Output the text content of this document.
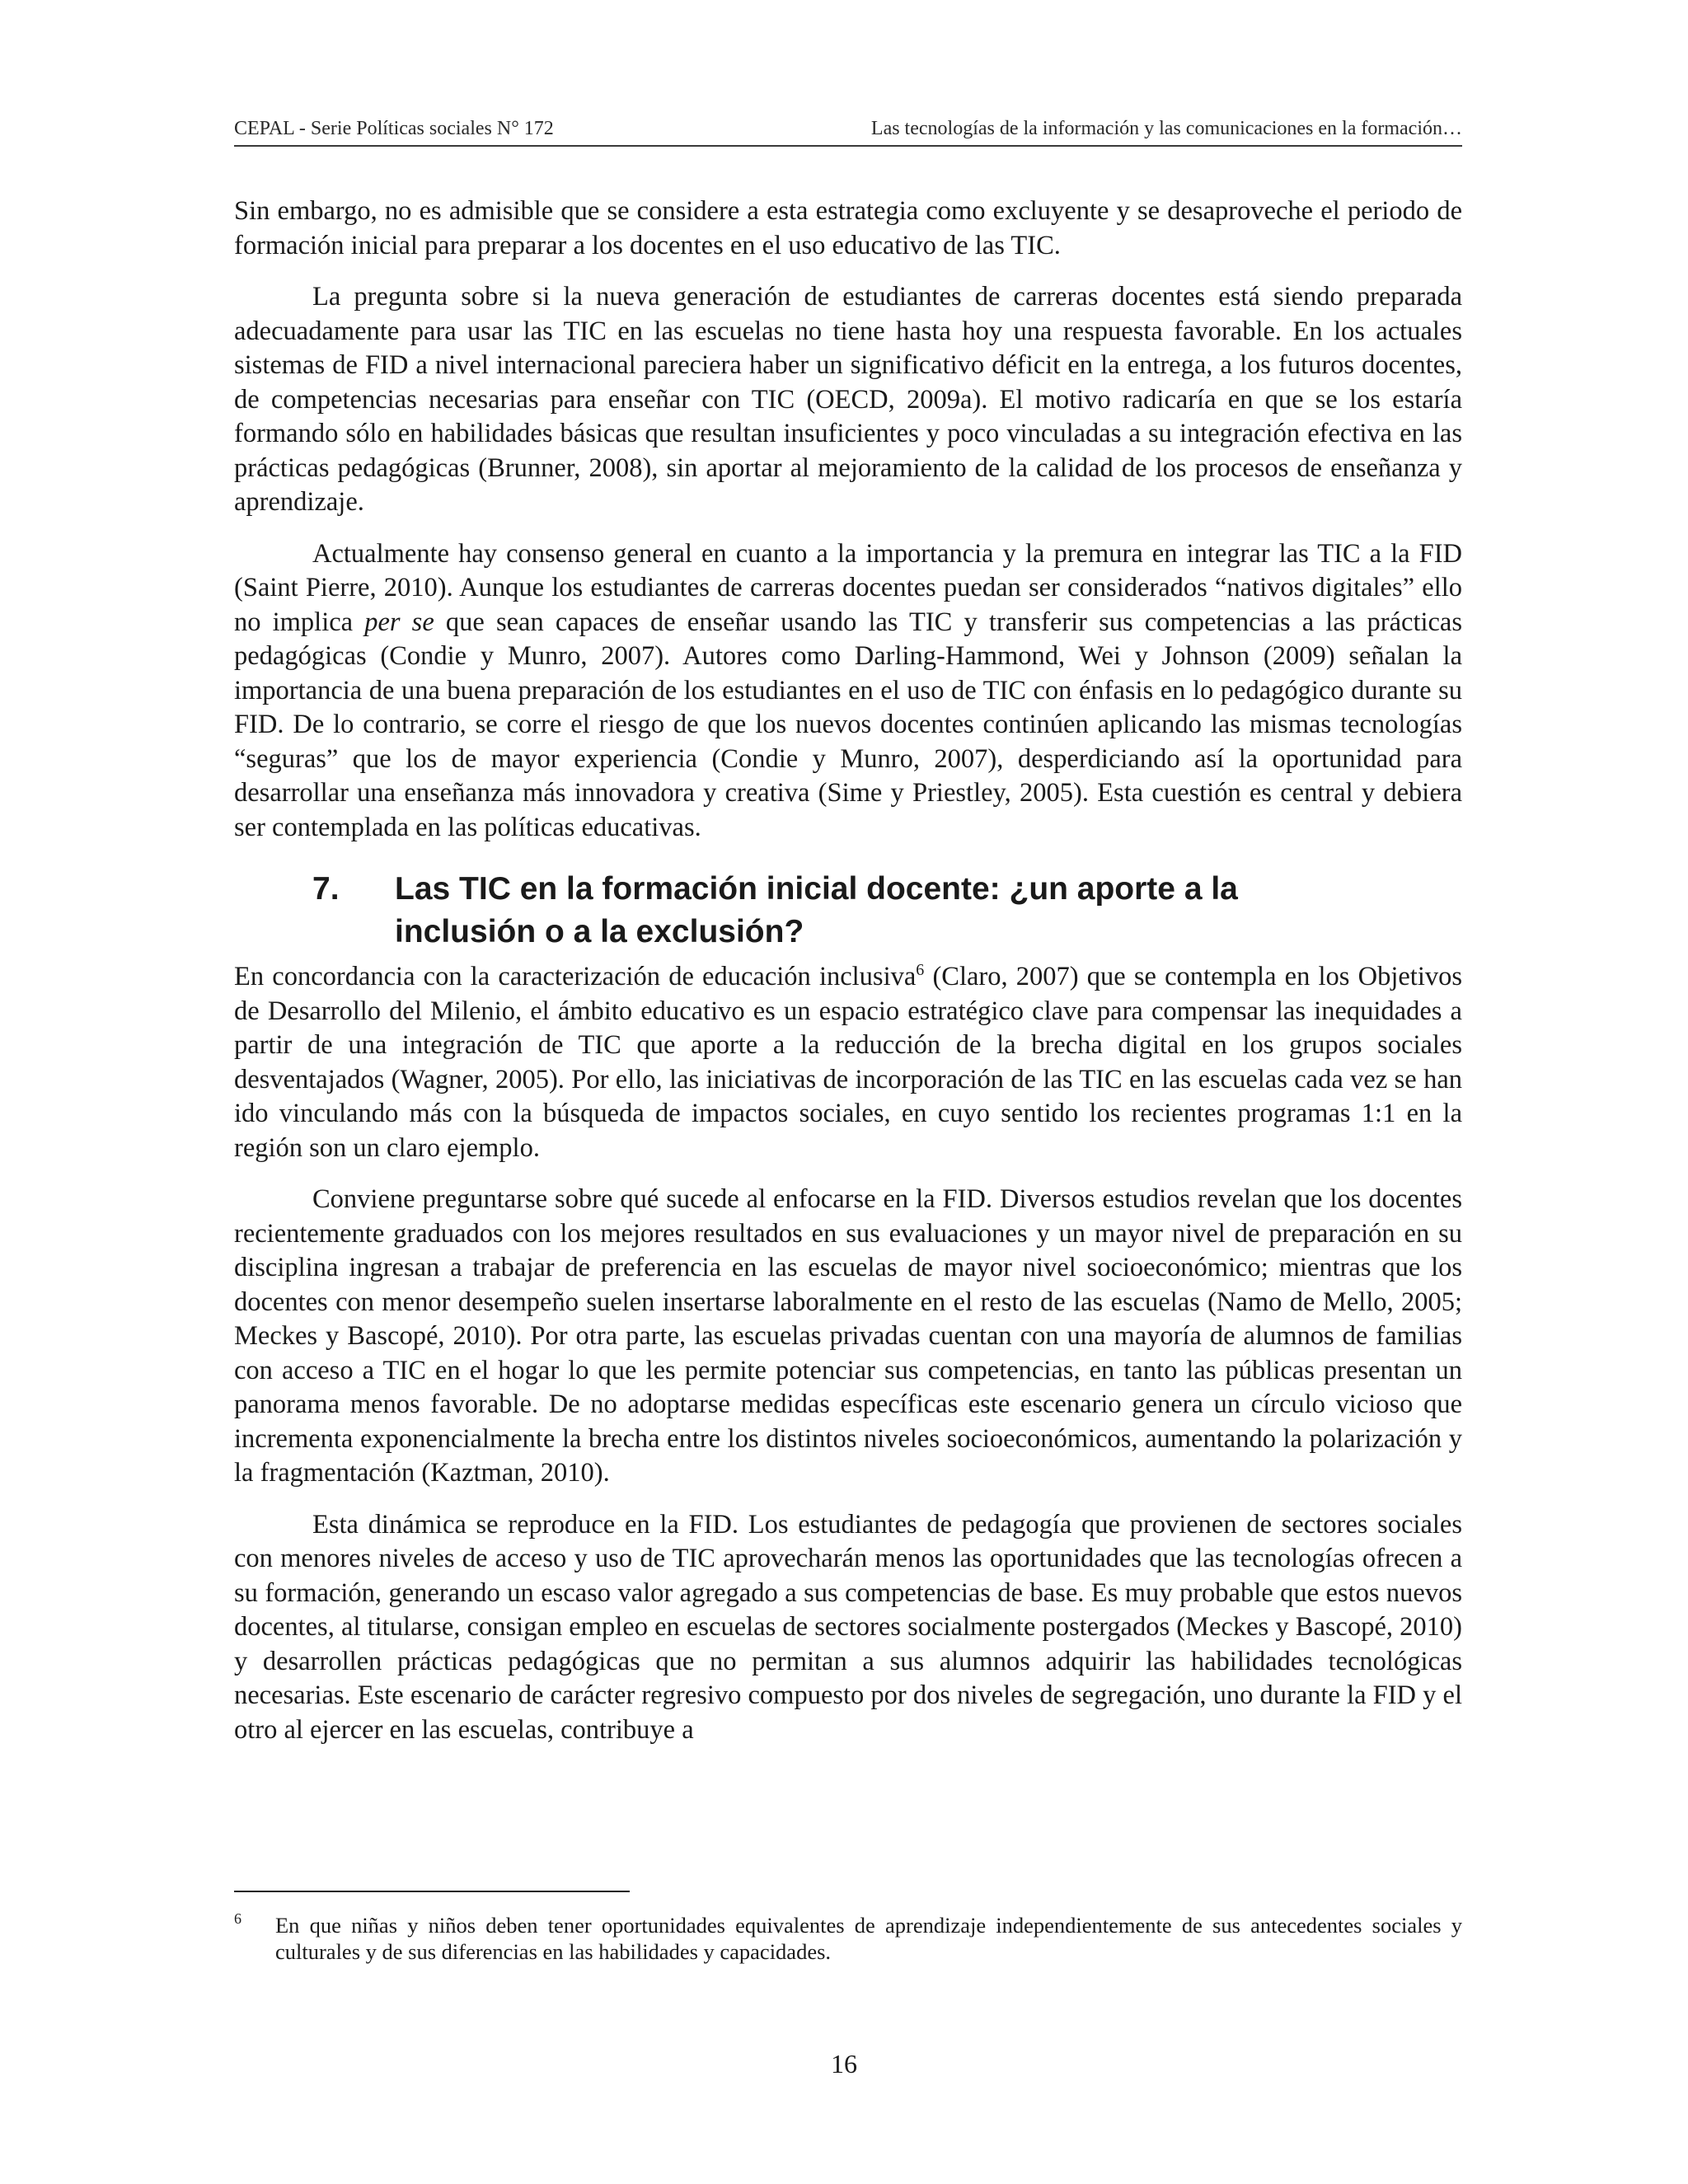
CEPAL - Serie Políticas sociales N° 172	Las tecnologías de la información y las comunicaciones en la formación…

Sin embargo, no es admisible que se considere a esta estrategia como excluyente y se desaproveche el periodo de formación inicial para preparar a los docentes en el uso educativo de las TIC.

La pregunta sobre si la nueva generación de estudiantes de carreras docentes está siendo preparada adecuadamente para usar las TIC en las escuelas no tiene hasta hoy una respuesta favorable. En los actuales sistemas de FID a nivel internacional pareciera haber un significativo déficit en la entrega, a los futuros docentes, de competencias necesarias para enseñar con TIC (OECD, 2009a). El motivo radicaría en que se los estaría formando sólo en habilidades básicas que resultan insuficientes y poco vinculadas a su integración efectiva en las prácticas pedagógicas (Brunner, 2008), sin aportar al mejoramiento de la calidad de los procesos de enseñanza y aprendizaje.

Actualmente hay consenso general en cuanto a la importancia y la premura en integrar las TIC a la FID (Saint Pierre, 2010). Aunque los estudiantes de carreras docentes puedan ser considerados “nativos digitales” ello no implica per se que sean capaces de enseñar usando las TIC y transferir sus competencias a las prácticas pedagógicas (Condie y Munro, 2007). Autores como Darling-Hammond, Wei y Johnson (2009) señalan la importancia de una buena preparación de los estudiantes en el uso de TIC con énfasis en lo pedagógico durante su FID. De lo contrario, se corre el riesgo de que los nuevos docentes continúen aplicando las mismas tecnologías “seguras” que los de mayor experiencia (Condie y Munro, 2007), desperdiciando así la oportunidad para desarrollar una enseñanza más innovadora y creativa (Sime y Priestley, 2005). Esta cuestión es central y debiera ser contemplada en las políticas educativas.

7.	Las TIC en la formación inicial docente: ¿un aporte a la inclusión o a la exclusión?

En concordancia con la caracterización de educación inclusiva$^6$ (Claro, 2007) que se contempla en los Objetivos de Desarrollo del Milenio, el ámbito educativo es un espacio estratégico clave para compensar las inequidades a partir de una integración de TIC que aporte a la reducción de la brecha digital en los grupos sociales desventajados (Wagner, 2005). Por ello, las iniciativas de incorporación de las TIC en las escuelas cada vez se han ido vinculando más con la búsqueda de impactos sociales, en cuyo sentido los recientes programas 1:1 en la región son un claro ejemplo.

Conviene preguntarse sobre qué sucede al enfocarse en la FID. Diversos estudios revelan que los docentes recientemente graduados con los mejores resultados en sus evaluaciones y un mayor nivel de preparación en su disciplina ingresan a trabajar de preferencia en las escuelas de mayor nivel socioeconómico; mientras que los docentes con menor desempeño suelen insertarse laboralmente en el resto de las escuelas (Namo de Mello, 2005; Meckes y Bascopé, 2010). Por otra parte, las escuelas privadas cuentan con una mayoría de alumnos de familias con acceso a TIC en el hogar lo que les permite potenciar sus competencias, en tanto las públicas presentan un panorama menos favorable. De no adoptarse medidas específicas este escenario genera un círculo vicioso que incrementa exponencialmente la brecha entre los distintos niveles socioeconómicos, aumentando la polarización y la fragmentación (Kaztman, 2010).

Esta dinámica se reproduce en la FID. Los estudiantes de pedagogía que provienen de sectores sociales con menores niveles de acceso y uso de TIC aprovecharán menos las oportunidades que las tecnologías ofrecen a su formación, generando un escaso valor agregado a sus competencias de base. Es muy probable que estos nuevos docentes, al titularse, consigan empleo en escuelas de sectores socialmente postergados (Meckes y Bascopé, 2010) y desarrollen prácticas pedagógicas que no permitan a sus alumnos adquirir las habilidades tecnológicas necesarias. Este escenario de carácter regresivo compuesto por dos niveles de segregación, uno durante la FID y el otro al ejercer en las escuelas, contribuye a

6 En que niñas y niños deben tener oportunidades equivalentes de aprendizaje independientemente de sus antecedentes sociales y culturales y de sus diferencias en las habilidades y capacidades.
16
